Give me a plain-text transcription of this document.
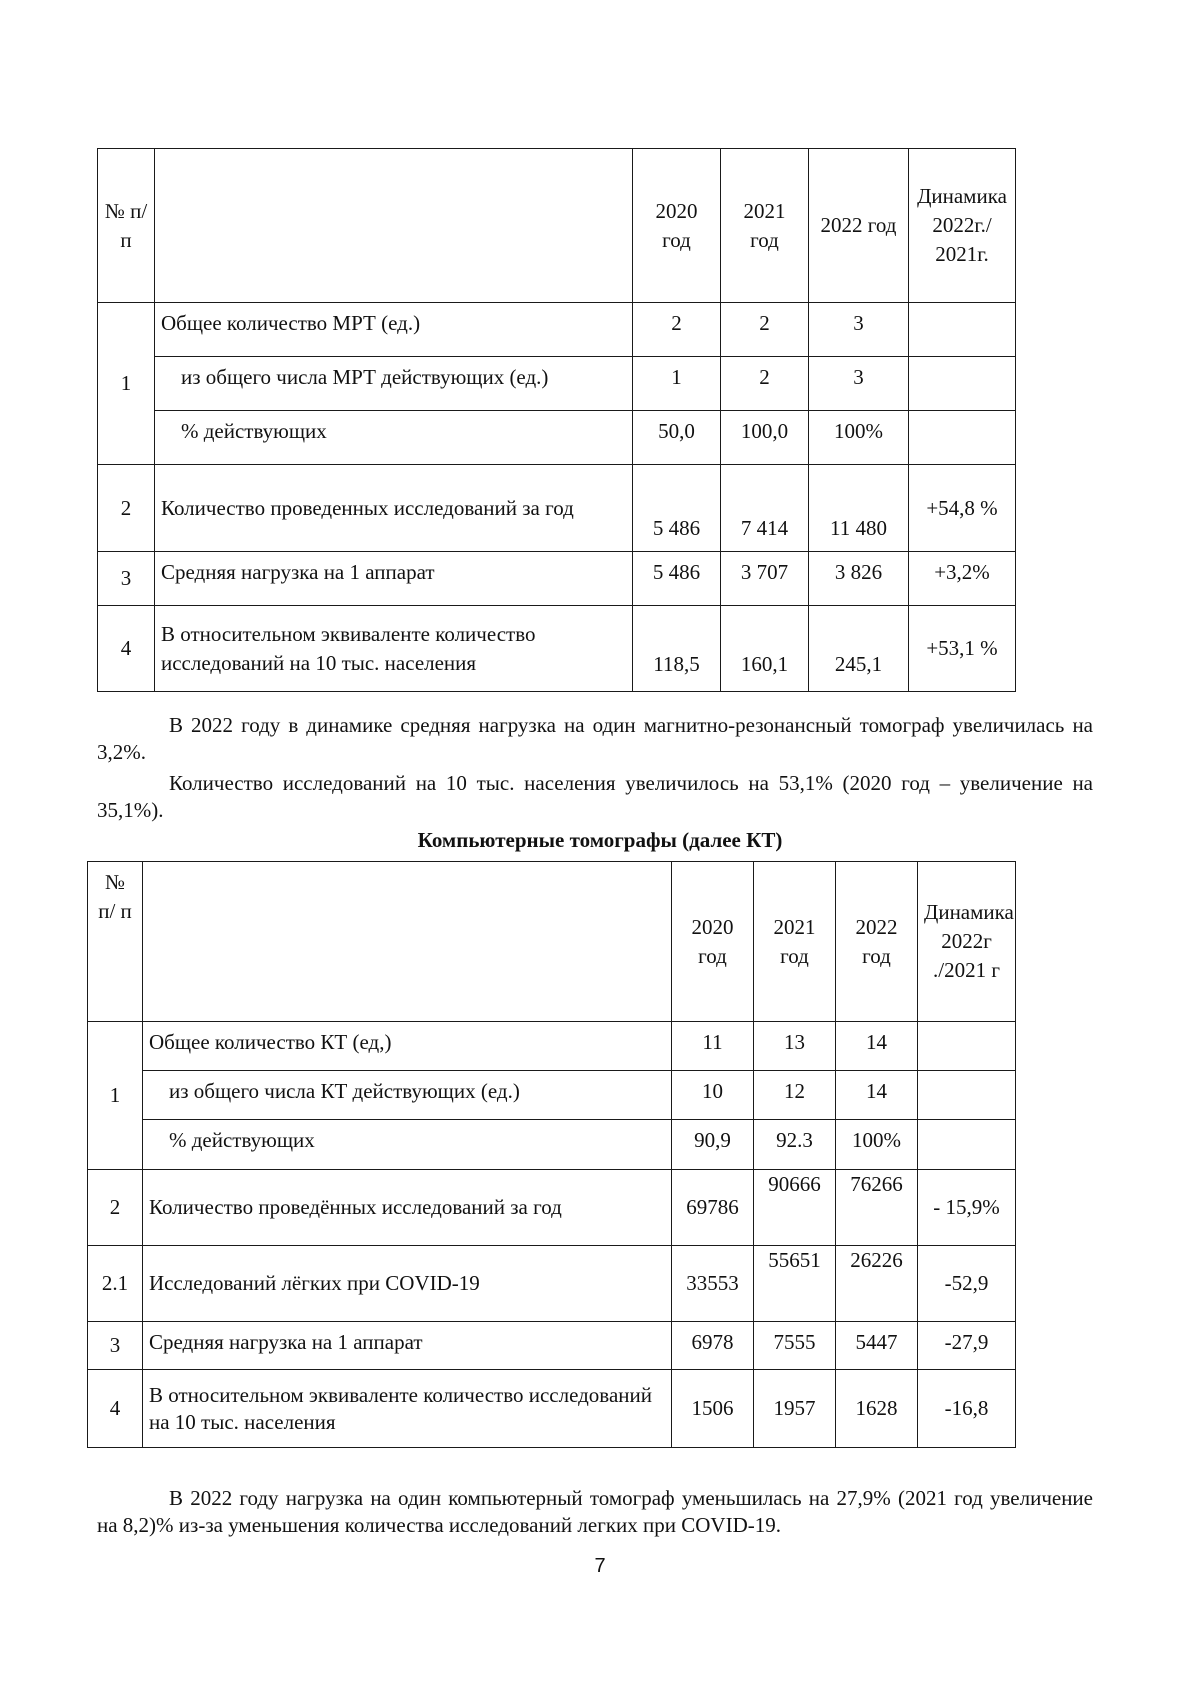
№ п/п		2020 год	2021 год	2022 год	Динамика 2022г./ 2021г.
1	Общее количество МРТ (ед.)	2	2	3	
	из общего числа МРТ действующих (ед.)	1	2	3	
	% действующих	50,0	100,0	100%	
2	Количество проведенных исследований за год	5 486	7 414	11 480	+54,8 %
3	Средняя нагрузка на 1 аппарат	5 486	3 707	3 826	+3,2%
4	В относительном эквиваленте количество исследований на 10 тыс. населения	118,5	160,1	245,1	+53,1 %

В 2022 году в динамике средняя нагрузка на один магнитно-резонансный томограф увеличилась на 3,2%.

Количество исследований на 10 тыс. населения увеличилось на 53,1% (2020 год – увеличение на 35,1%).

Компьютерные томографы (далее КТ)

№ п/ п		2020 год	2021 год	2022 год	Динамика 2022г ./2021 г
1	Общее количество КТ (ед,)	11	13	14	
	из общего числа КТ действующих (ед.)	10	12	14	
	% действующих	90,9	92.3	100%	
2	Количество проведённых исследований за год	69786	90666	76266	- 15,9%
2.1	Исследований лёгких при COVID-19	33553	55651	26226	-52,9
3	Средняя нагрузка на 1 аппарат	6978	7555	5447	-27,9
4	В относительном эквиваленте количество исследований на 10 тыс. населения	1506	1957	1628	-16,8

В 2022 году нагрузка на один компьютерный томограф уменьшилась на 27,9% (2021 год увеличение на 8,2)% из-за уменьшения количества исследований легких при COVID-19.

7
